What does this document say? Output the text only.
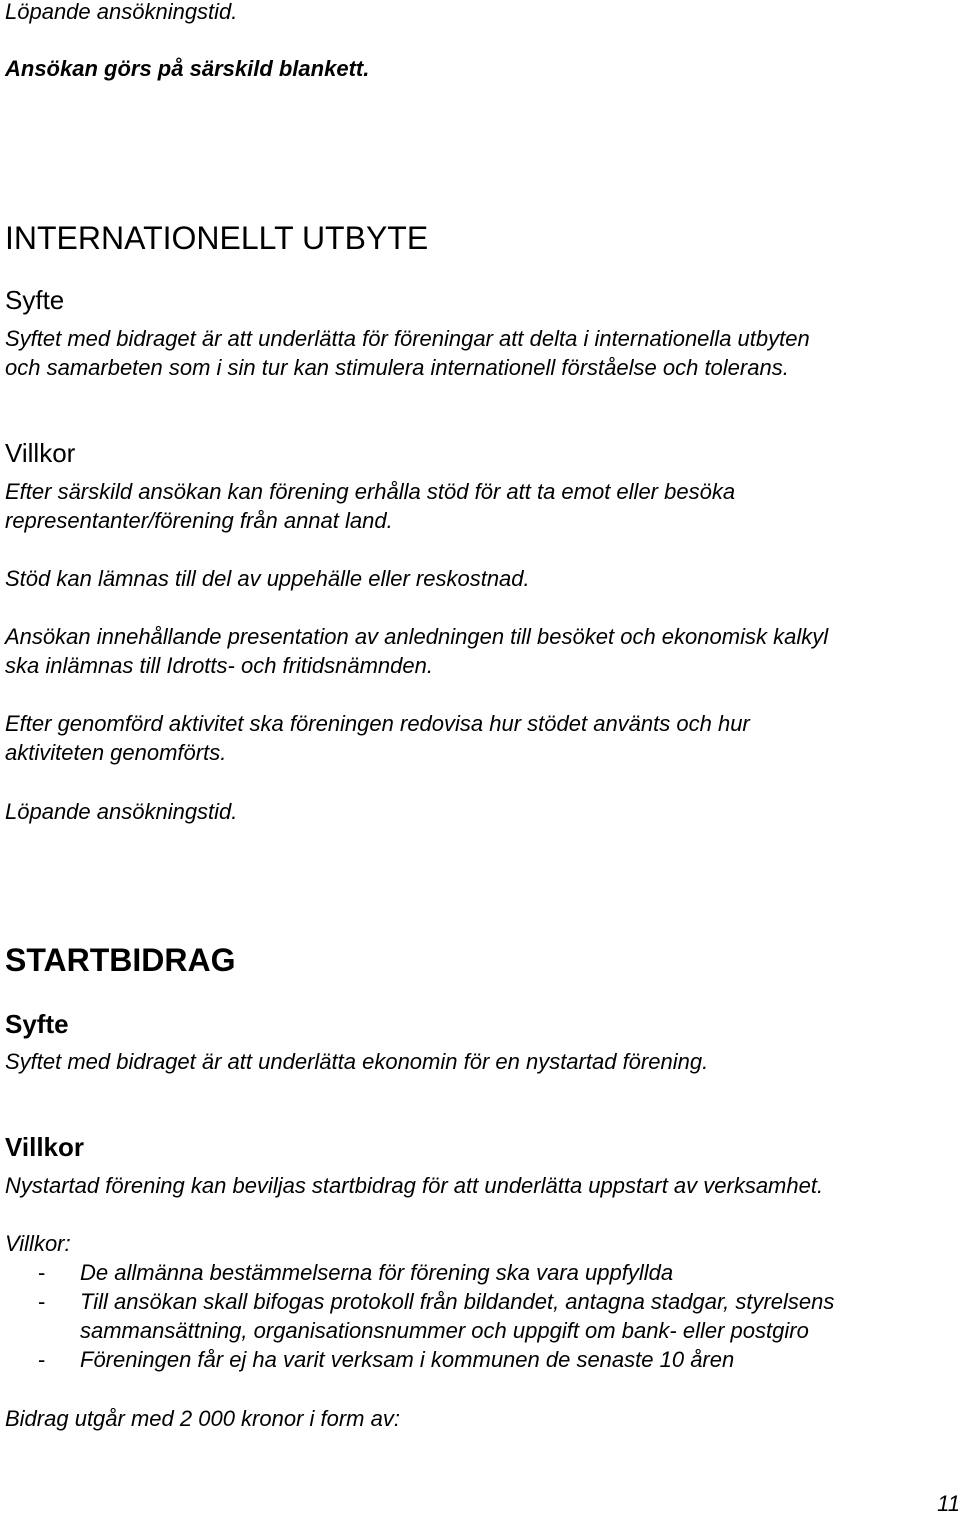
Löpande ansökningstid.

Ansökan görs på särskild blankett.

INTERNATIONELLT UTBYTE
Syfte

Syftet med bidraget är att underlätta för föreningar att delta i internationella utbyten

och samarbeten som i sin tur kan stimulera internationell förståelse och tolerans.

Villkor

Efter särskild ansökan kan förening erhålla stöd för att ta emot eller besöka

representanter/förening från annat land.

Stöd kan lämnas till del av uppehälle eller reskostnad.

Ansökan innehållande presentation av anledningen till besöket och ekonomisk kalkyl

ska inlämnas till Idrotts- och fritidsnämnden.

Efter genomförd aktivitet ska föreningen redovisa hur stödet använts och hur

aktiviteten genomförts.

Löpande ansökningstid.

STARTBIDRAG
Syfte

Syftet med bidraget är att underlätta ekonomin för en nystartad förening.

Villkor

Nystartad förening kan beviljas startbidrag för att underlätta uppstart av verksamhet.

Villkor:

- De allmänna bestämmelserna för förening ska vara uppfyllda

- Till ansökan skall bifogas protokoll från bildandet, antagna stadgar, styrelsens

sammansättning, organisationsnummer och uppgift om bank- eller postgiro

- Föreningen får ej ha varit verksam i kommunen de senaste 10 åren

Bidrag utgår med 2 000 kronor i form av:

11
